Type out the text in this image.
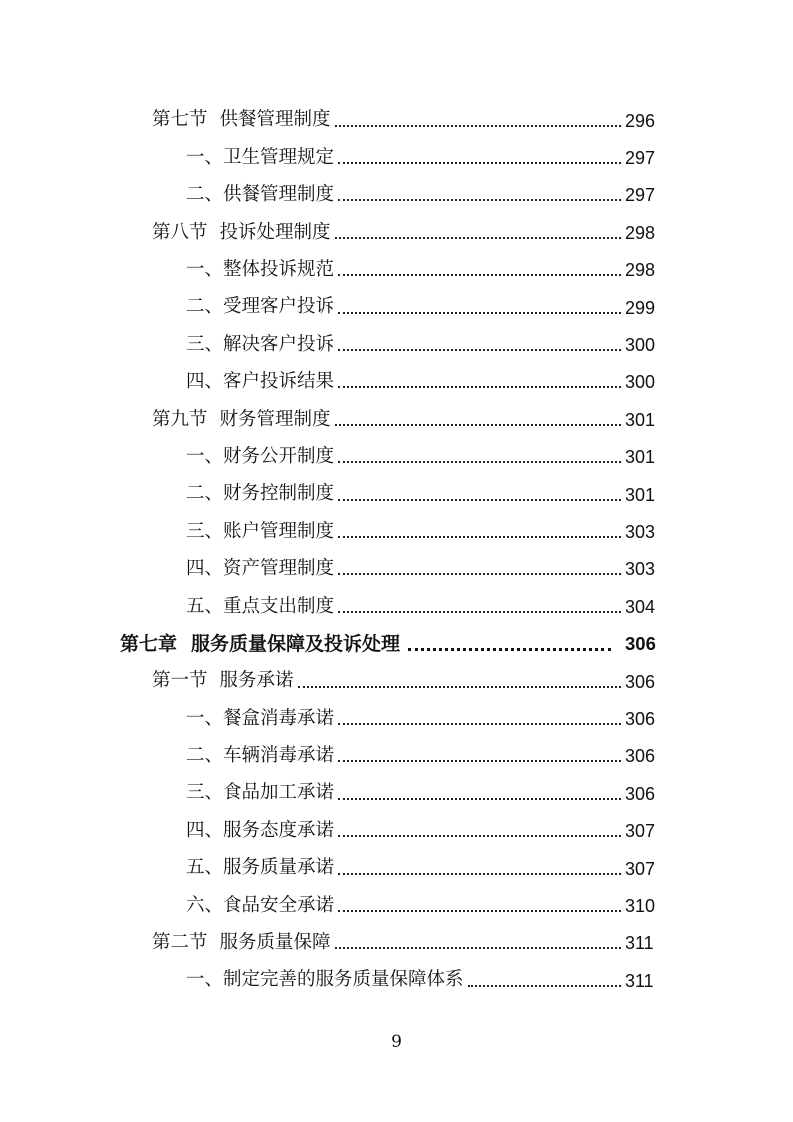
第七节 供餐管理制度	296
一、 卫生管理规定	297
二、 供餐管理制度	297
第八节 投诉处理制度	298
一、 整体投诉规范	298
二、 受理客户投诉	299
三、 解决客户投诉	300
四、 客户投诉结果	300
第九节 财务管理制度	301
一、 财务公开制度	301
二、 财务控制制度	301
三、 账户管理制度	303
四、 资产管理制度	303
五、 重点支出制度	304
第七章 服务质量保障及投诉处理	306
第一节 服务承诺	306
一、 餐盒消毒承诺	306
二、 车辆消毒承诺	306
三、 食品加工承诺	306
四、 服务态度承诺	307
五、 服务质量承诺	307
六、 食品安全承诺	310
第二节 服务质量保障	311
一、 制定完善的服务质量保障体系	311
9
